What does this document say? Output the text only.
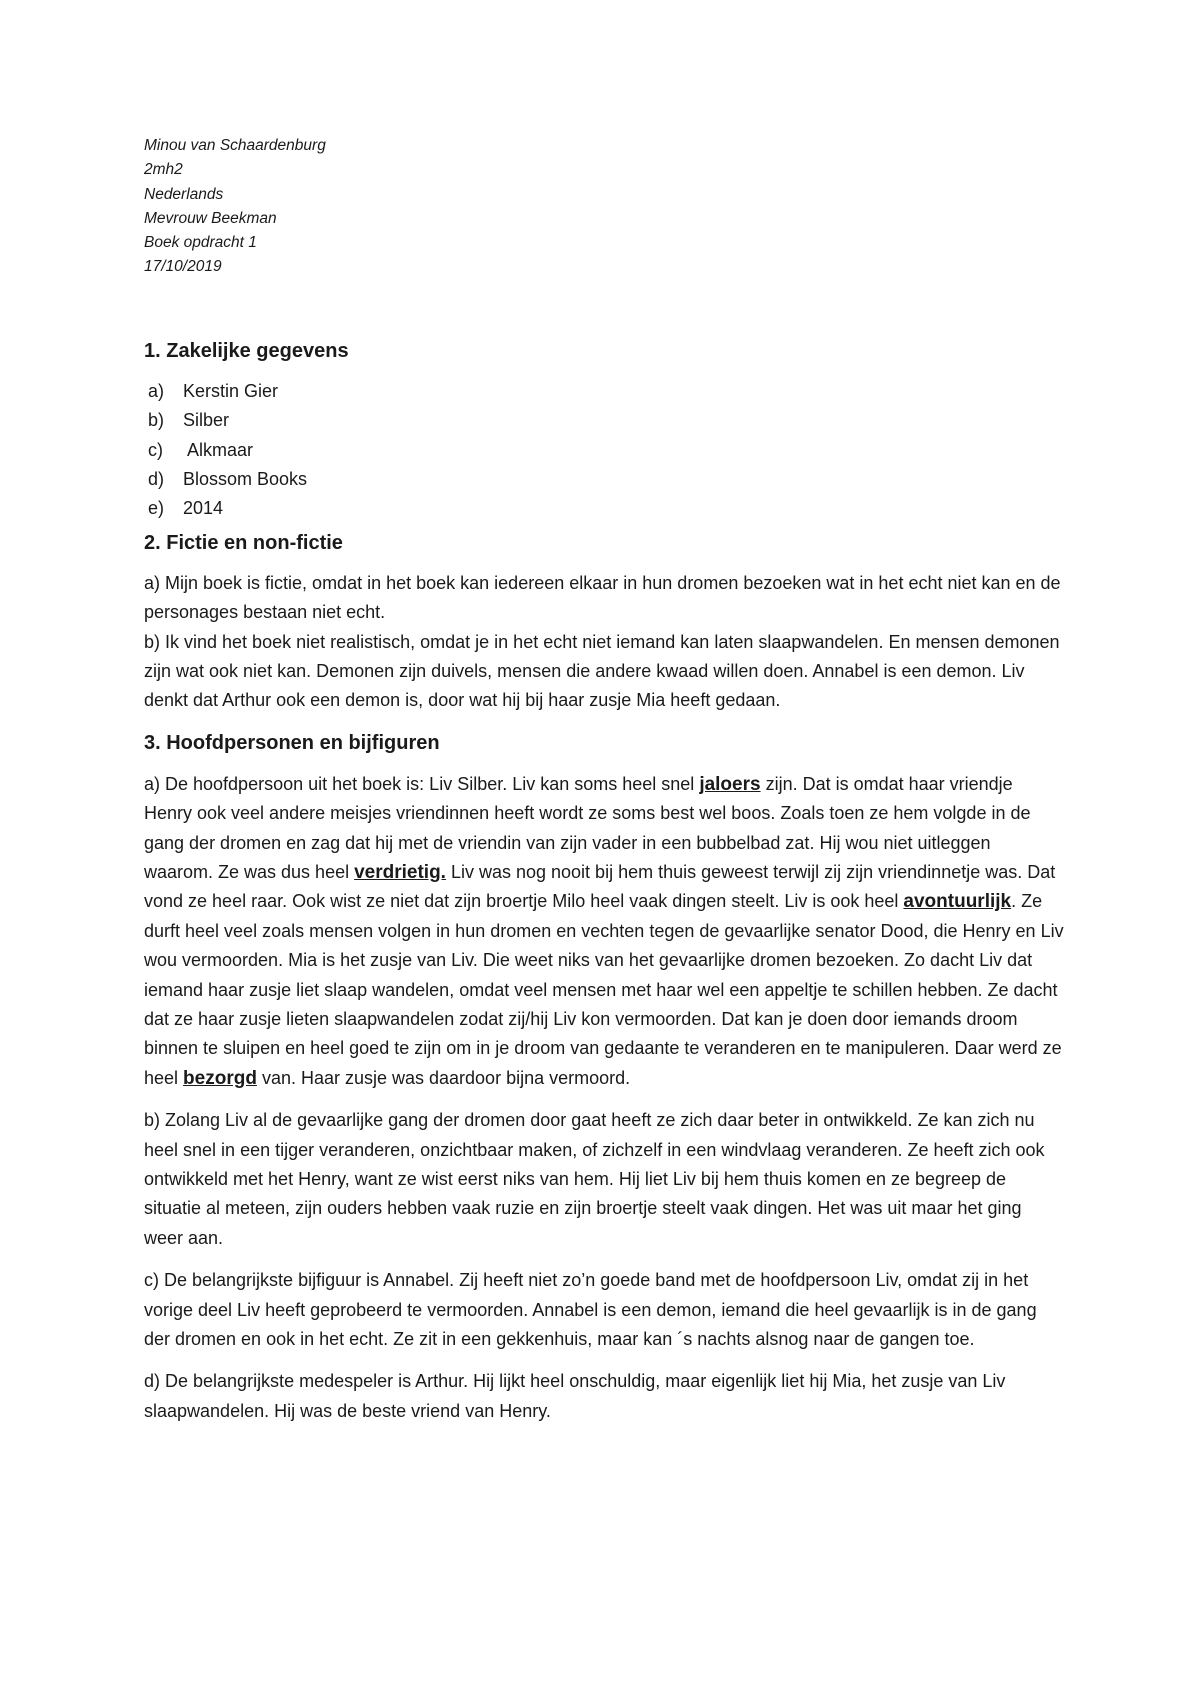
Minou van Schaardenburg
2mh2
Nederlands
Mevrouw Beekman
Boek opdracht 1
17/10/2019
1. Zakelijke gegevens
a) Kerstin Gier
b) Silber
c) Alkmaar
d) Blossom Books
e) 2014
2. Fictie en non-fictie

a) Mijn boek is fictie, omdat in het boek kan iedereen elkaar in hun dromen bezoeken wat in het echt niet kan en de personages bestaan niet echt.

b) Ik vind het boek niet realistisch, omdat je in het echt niet iemand kan laten slaapwandelen. En mensen demonen zijn wat ook niet kan. Demonen zijn duivels, mensen die andere kwaad willen doen. Annabel is een demon. Liv denkt dat Arthur ook een demon is, door wat hij bij haar zusje Mia heeft gedaan.

3. Hoofdpersonen en bijfiguren

a) De hoofdpersoon uit het boek is: Liv Silber. Liv kan soms heel snel jaloers zijn. Dat is omdat haar vriendje Henry ook veel andere meisjes vriendinnen heeft wordt ze soms best wel boos. Zoals toen ze hem volgde in de gang der dromen en zag dat hij met de vriendin van zijn vader in een bubbelbad zat. Hij wou niet uitleggen waarom. Ze was dus heel verdrietig. Liv was nog nooit bij hem thuis geweest terwijl zij zijn vriendinnetje was. Dat vond ze heel raar. Ook wist ze niet dat zijn broertje Milo heel vaak dingen steelt. Liv is ook heel avontuurlijk. Ze durft heel veel zoals mensen volgen in hun dromen en vechten tegen de gevaarlijke senator Dood, die Henry en Liv wou vermoorden. Mia is het zusje van Liv. Die weet niks van het gevaarlijke dromen bezoeken. Zo dacht Liv dat iemand haar zusje liet slaap wandelen, omdat veel mensen met haar wel een appeltje te schillen hebben. Ze dacht dat ze haar zusje lieten slaapwandelen zodat zij/hij Liv kon vermoorden. Dat kan je doen door iemands droom binnen te sluipen en heel goed te zijn om in je droom van gedaante te veranderen en te manipuleren. Daar werd ze heel bezorgd van. Haar zusje was daardoor bijna vermoord.

b) Zolang Liv al de gevaarlijke gang der dromen door gaat heeft ze zich daar beter in ontwikkeld. Ze kan zich nu heel snel in een tijger veranderen, onzichtbaar maken, of zichzelf in een windvlaag veranderen. Ze heeft zich ook ontwikkeld met het Henry, want ze wist eerst niks van hem. Hij liet Liv bij hem thuis komen en ze begreep de situatie al meteen, zijn ouders hebben vaak ruzie en zijn broertje steelt vaak dingen. Het was uit maar het ging weer aan.

c) De belangrijkste bijfiguur is Annabel. Zij heeft niet zo’n goede band met de hoofdpersoon Liv, omdat zij in het vorige deel Liv heeft geprobeerd te vermoorden. Annabel is een demon, iemand die heel gevaarlijk is in de gang der dromen en ook in het echt. Ze zit in een gekkenhuis, maar kan ´s nachts alsnog naar de gangen toe.

d) De belangrijkste medespeler is Arthur. Hij lijkt heel onschuldig, maar eigenlijk liet hij Mia, het zusje van Liv slaapwandelen. Hij was de beste vriend van Henry.
